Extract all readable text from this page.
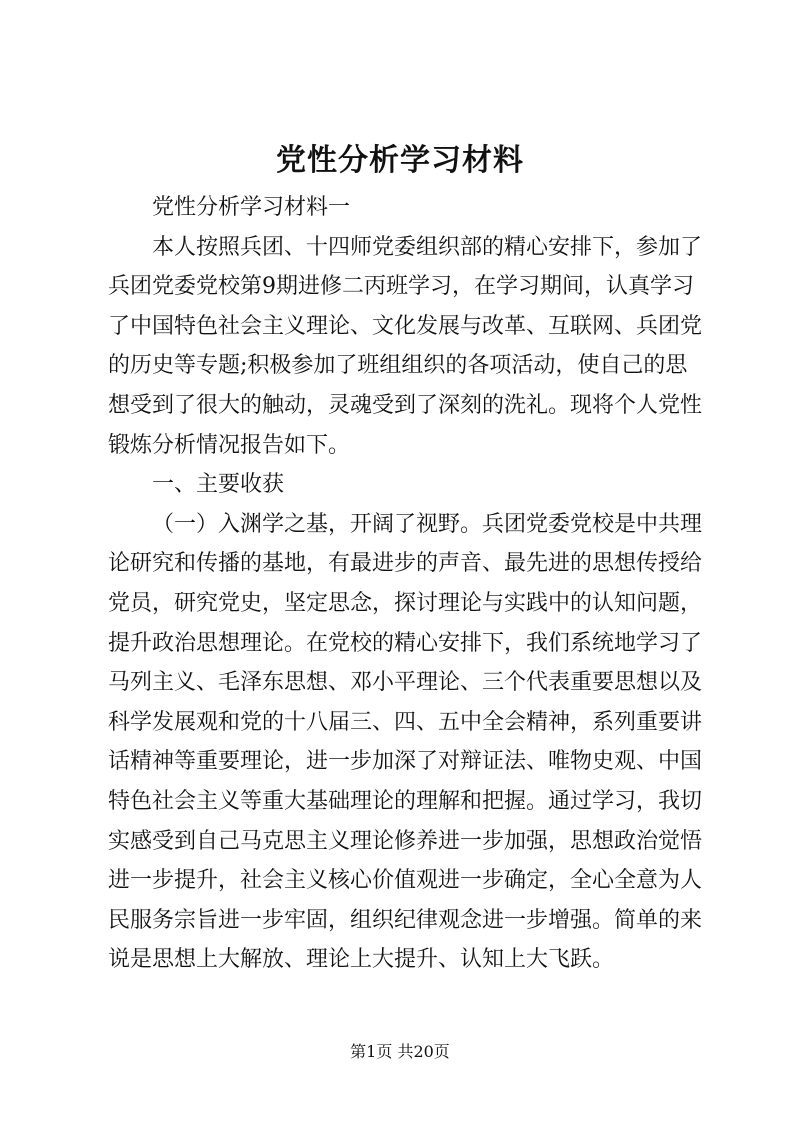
党性分析学习材料

党性分析学习材料一

本人按照兵团、十四师党委组织部的精心安排下，参加了兵团党委党校第9期进修二丙班学习，在学习期间，认真学习了中国特色社会主义理论、文化发展与改革、互联网、兵团党的历史等专题;积极参加了班组组织的各项活动，使自己的思想受到了很大的触动，灵魂受到了深刻的洗礼。现将个人党性锻炼分析情况报告如下。

一、主要收获

（一）入渊学之基，开阔了视野。兵团党委党校是中共理论研究和传播的基地，有最进步的声音、最先进的思想传授给党员，研究党史，坚定思念，探讨理论与实践中的认知问题，提升政治思想理论。在党校的精心安排下，我们系统地学习了马列主义、毛泽东思想、邓小平理论、三个代表重要思想以及科学发展观和党的十八届三、四、五中全会精神，系列重要讲话精神等重要理论，进一步加深了对辩证法、唯物史观、中国特色社会主义等重大基础理论的理解和把握。通过学习，我切实感受到自己马克思主义理论修养进一步加强，思想政治觉悟进一步提升，社会主义核心价值观进一步确定，全心全意为人民服务宗旨进一步牢固，组织纪律观念进一步增强。简单的来说是思想上大解放、理论上大提升、认知上大飞跃。

第1页 共20页
